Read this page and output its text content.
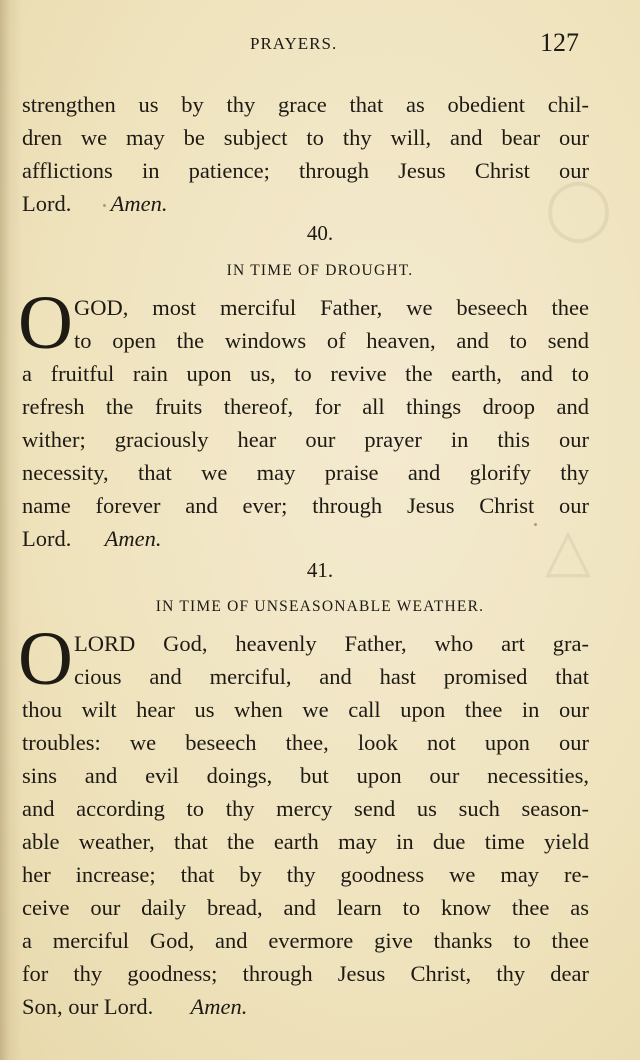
◯
△
PRAYERS.	127
strengthen us by thy grace that as obedient chil-
dren we may be subject to thy will, and bear our
afflictions in patience; through Jesus Christ our
Lord. Amen.
40.
IN TIME OF DROUGHT.
O GOD, most merciful Father, we beseech thee
to open the windows of heaven, and to send
a fruitful rain upon us, to revive the earth, and to
refresh the fruits thereof, for all things droop and
wither; graciously hear our prayer in this our
necessity, that we may praise and glorify thy
name forever and ever; through Jesus Christ our
Lord. Amen.
41.
IN TIME OF UNSEASONABLE WEATHER.
O LORD God, heavenly Father, who art gra-
cious and merciful, and hast promised that
thou wilt hear us when we call upon thee in our
troubles: we beseech thee, look not upon our
sins and evil doings, but upon our necessities,
and according to thy mercy send us such season-
able weather, that the earth may in due time yield
her increase; that by thy goodness we may re-
ceive our daily bread, and learn to know thee as
a merciful God, and evermore give thanks to thee
for thy goodness; through Jesus Christ, thy dear
Son, our Lord. Amen.
